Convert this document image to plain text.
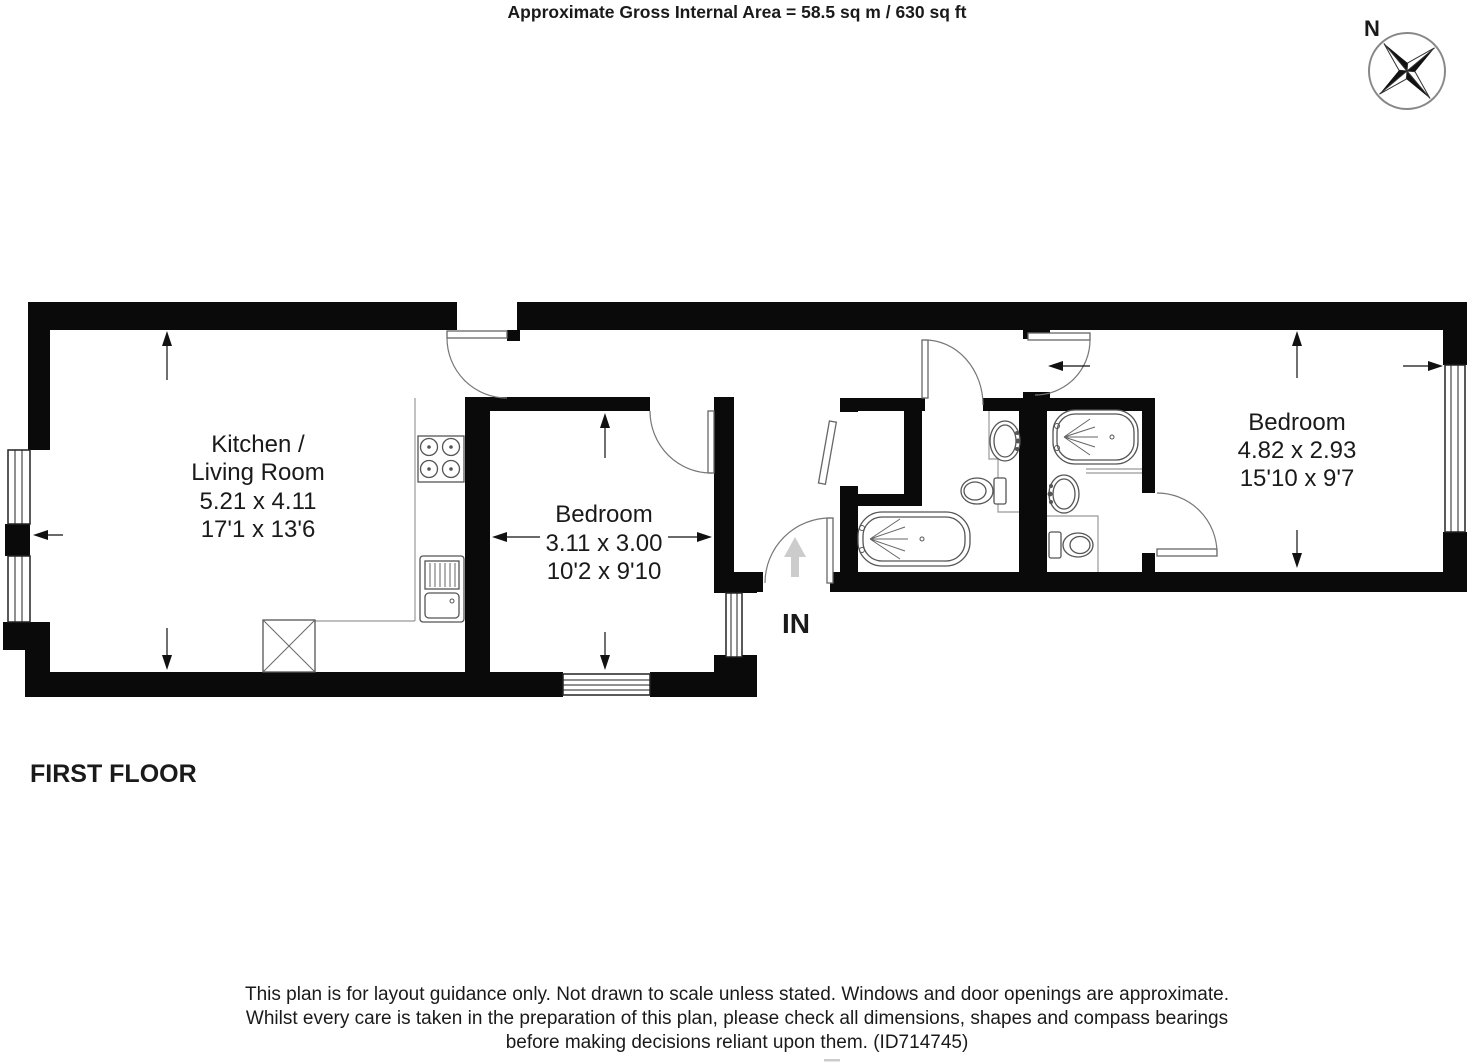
Approximate Gross Internal Area = 58.5 sq m / 630 sq ft
N
Kitchen /
Living Room
5.21 x 4.11
17'1 x 13'6
Bedroom
3.11 x 3.00
10'2 x 9'10
Bedroom
4.82 x 2.93
15'10 x 9'7
IN
FIRST FLOOR
This plan is for layout guidance only. Not drawn to scale unless stated. Windows and door openings are approximate.
Whilst every care is taken in the preparation of this plan, please check all dimensions, shapes and compass bearings
before making decisions reliant upon them. (ID714745)
